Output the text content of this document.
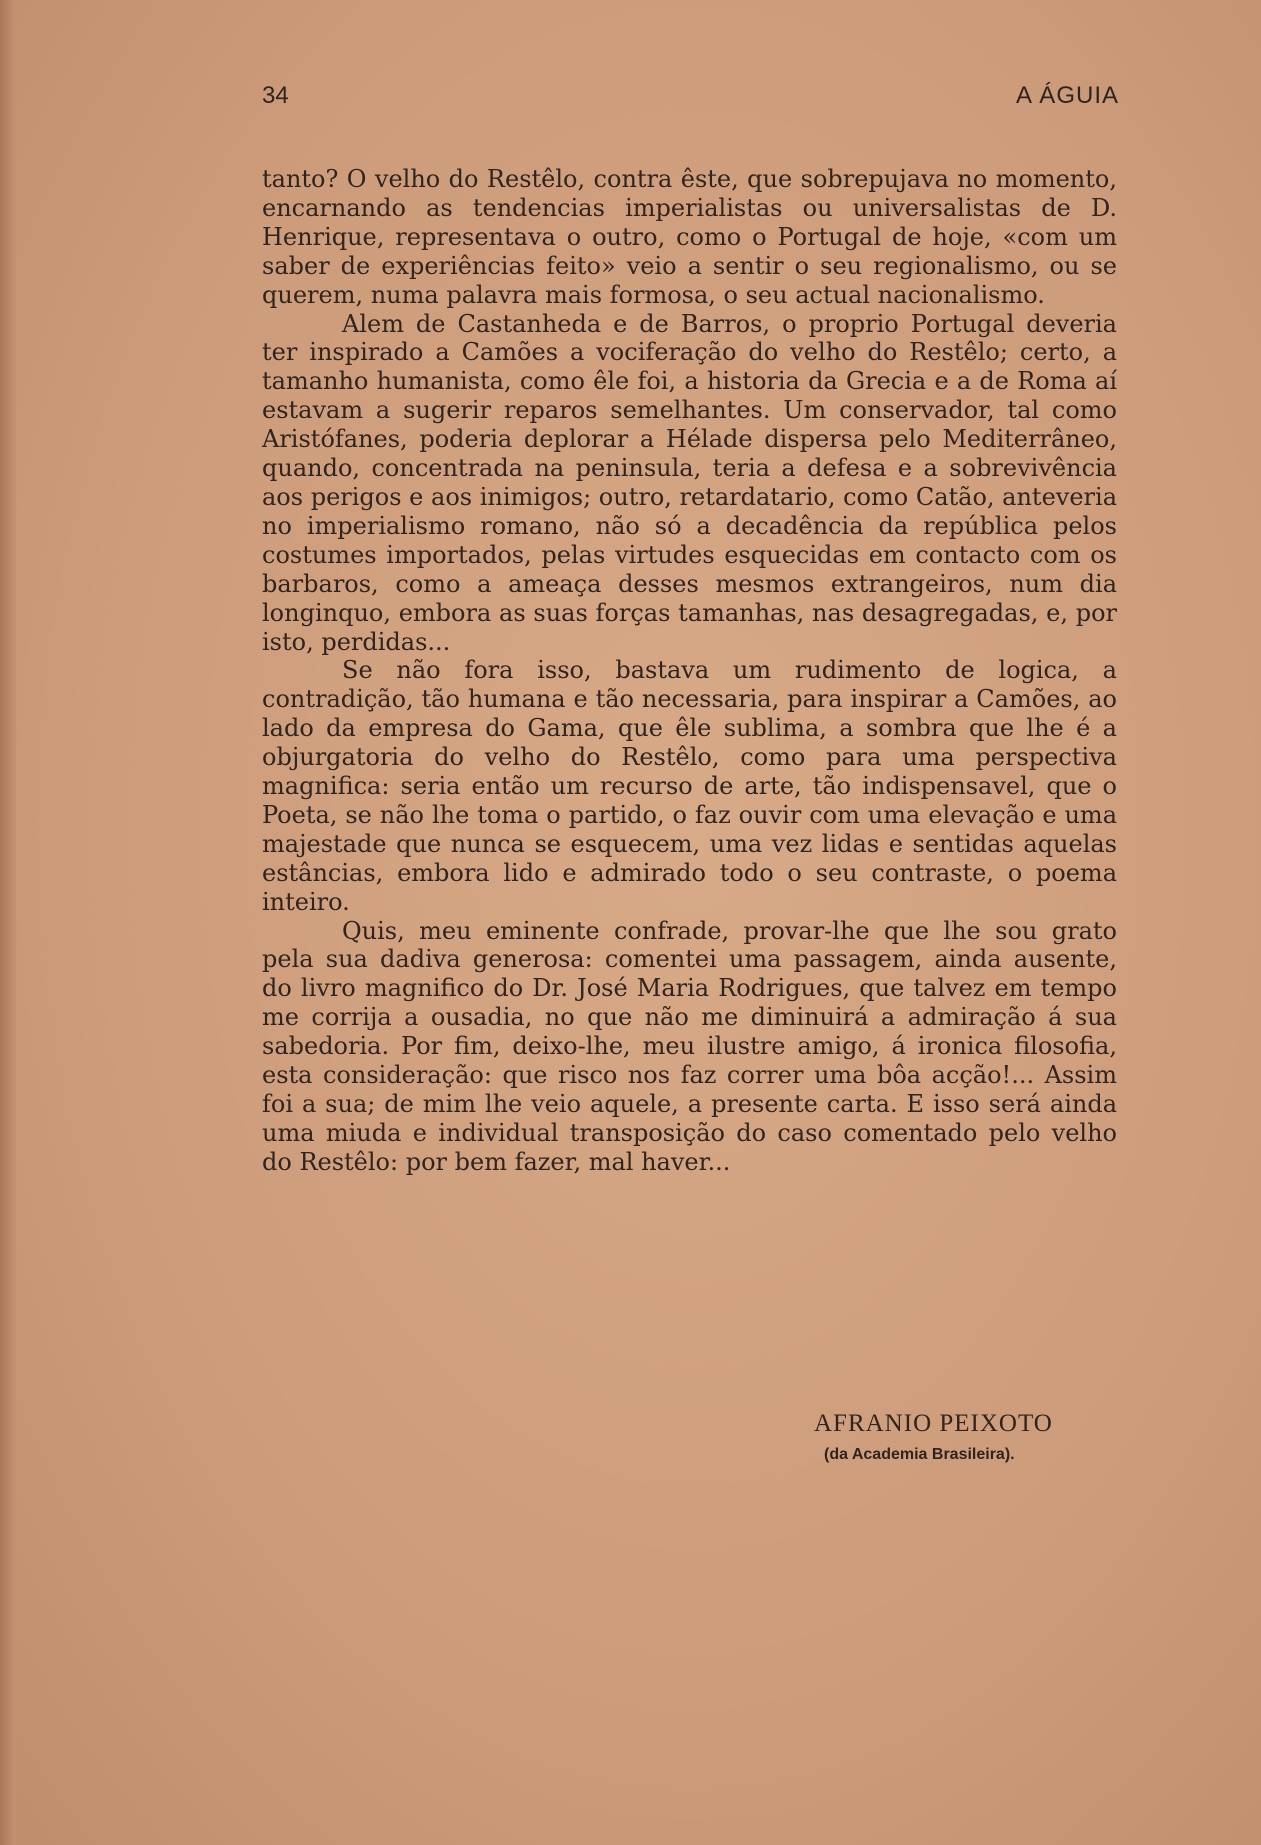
34	A ÁGUIA

tanto? O velho do Restêlo, contra êste, que sobrepujava no momento, encarnando as tendencias imperialistas ou universalistas de D. Henrique, representava o outro, como o Portugal de hoje, «com um saber de experiências feito» veio a sentir o seu regionalismo, ou se querem, numa palavra mais formosa, o seu actual nacionalismo.

Alem de Castanheda e de Barros, o proprio Portugal deveria ter inspirado a Camões a vociferação do velho do Restêlo; certo, a tamanho humanista, como êle foi, a historia da Grecia e a de Roma aí estavam a sugerir reparos semelhantes. Um conservador, tal como Aristófanes, poderia deplorar a Hélade dispersa pelo Mediterrâneo, quando, concentrada na peninsula, teria a defesa e a sobrevivência aos perigos e aos inimigos; outro, retardatario, como Catão, anteveria no imperialismo romano, não só a decadência da república pelos costumes importados, pelas virtudes esquecidas em contacto com os barbaros, como a ameaça desses mesmos extrangeiros, num dia longinquo, embora as suas forças tamanhas, nas desagregadas, e, por isto, perdidas...

Se não fora isso, bastava um rudimento de logica, a contradição, tão humana e tão necessaria, para inspirar a Camões, ao lado da empresa do Gama, que êle sublima, a sombra que lhe é a objurgatoria do velho do Restêlo, como para uma perspectiva magnifica: seria então um recurso de arte, tão indispensavel, que o Poeta, se não lhe toma o partido, o faz ouvir com uma elevação e uma majestade que nunca se esquecem, uma vez lidas e sentidas aquelas estâncias, embora lido e admirado todo o seu contraste, o poema inteiro.

Quis, meu eminente confrade, provar-lhe que lhe sou grato pela sua dadiva generosa: comentei uma passagem, ainda ausente, do livro magnifico do Dr. José Maria Rodrigues, que talvez em tempo me corrija a ousadia, no que não me diminuirá a admiração á sua sabedoria. Por fim, deixo-lhe, meu ilustre amigo, á ironica filosofia, esta consideração: que risco nos faz correr uma bôa acção!... Assim foi a sua; de mim lhe veio aquele, a presente carta. E isso será ainda uma miuda e individual transposição do caso comentado pelo velho do Restêlo: por bem fazer, mal haver...

AFRANIO PEIXOTO
(da Academia Brasileira).
